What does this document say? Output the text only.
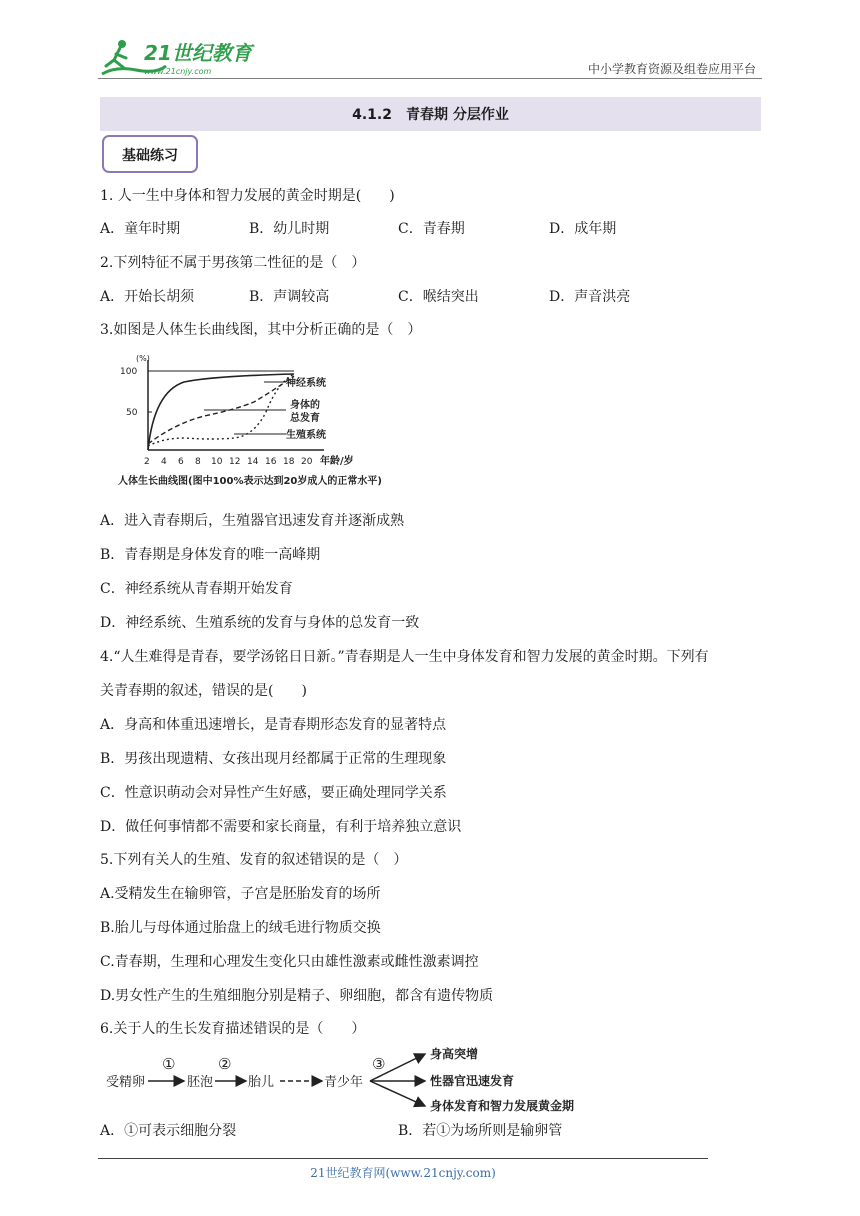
21世纪教育
www.21cnjy.com	中小学教育资源及组卷应用平台
4.1.2　青春期 分层作业
基础练习
1. 人一生中身体和智力发展的黄金时期是(　　)
A．童年时期	B．幼儿时期	C．青春期	D．成年期
2.下列特征不属于男孩第二性征的是（　）
A．开始长胡须	B．声调较高	C．喉结突出	D．声音洪亮
3.如图是人体生长曲线图，其中分析正确的是（　）
(%)
100
50
神经系统
身体的
总发育
生殖系统
2 4 6 8 10 12 14 16 18 20 年龄/岁
人体生长曲线图(图中100%表示达到20岁成人的正常水平)
A．进入青春期后，生殖器官迅速发育并逐渐成熟
B．青春期是身体发育的唯一高峰期
C．神经系统从青春期开始发育
D．神经系统、生殖系统的发育与身体的总发育一致
4.“人生难得是青春，要学汤铭日日新。”青春期是人一生中身体发育和智力发展的黄金时期。下列有
关青春期的叙述，错误的是(　　)
A．身高和体重迅速增长，是青春期形态发育的显著特点
B．男孩出现遗精、女孩出现月经都属于正常的生理现象
C．性意识萌动会对异性产生好感，要正确处理同学关系
D．做任何事情都不需要和家长商量，有利于培养独立意识
5.下列有关人的生殖、发育的叙述错误的是（　）
A.受精发生在输卵管，子宫是胚胎发育的场所
B.胎儿与母体通过胎盘上的绒毛进行物质交换
C.青春期，生理和心理发生变化只由雄性激素或雌性激素调控
D.男女性产生的生殖细胞分别是精子、卵细胞，都含有遗传物质
6.关于人的生长发育描述错误的是（　　）
受精卵
①
胚泡
②
胎儿	青少年
③
身高突增
性器官迅速发育
身体发育和智力发展黄金期
A．①可表示细胞分裂	B．若①为场所则是输卵管
21世纪教育网(www.21cnjy.com)
